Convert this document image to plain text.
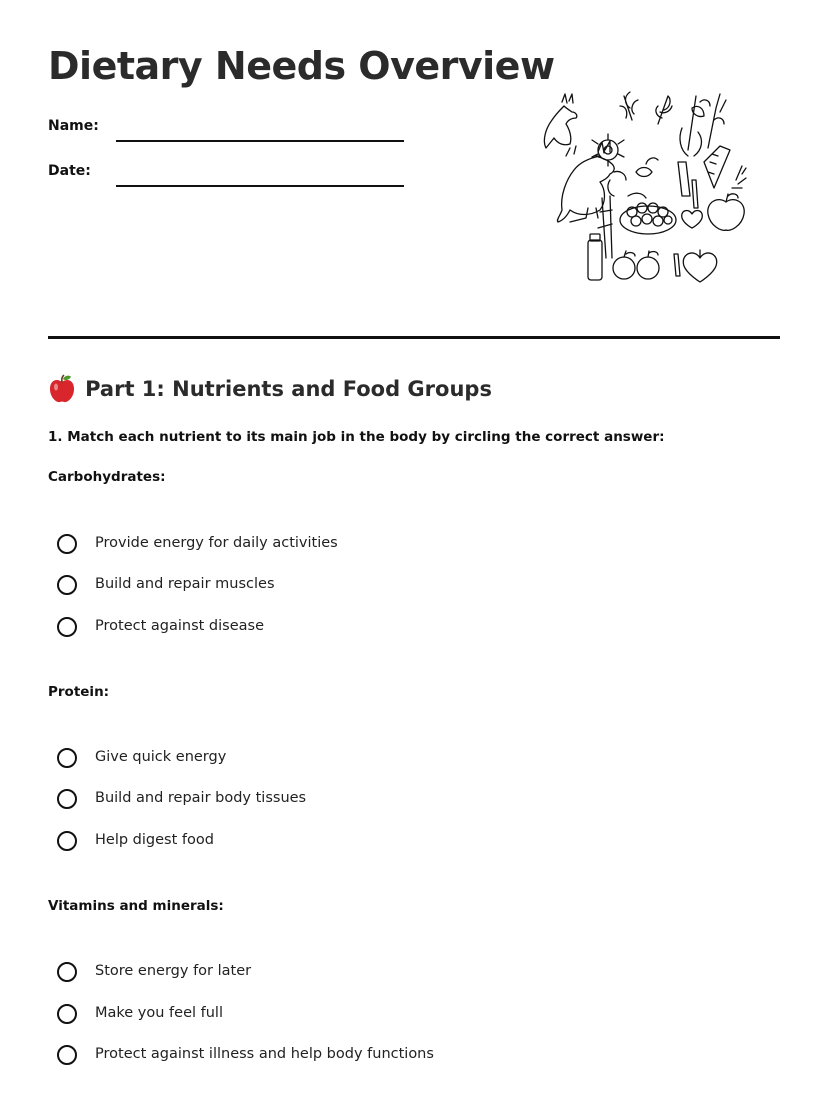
Dietary Needs Overview
Name:
Date:
Part 1: Nutrients and Food Groups
1. Match each nutrient to its main job in the body by circling the correct answer:
Carbohydrates:
Provide energy for daily activities
Build and repair muscles
Protect against disease
Protein:
Give quick energy
Build and repair body tissues
Help digest food
Vitamins and minerals:
Store energy for later
Make you feel full
Protect against illness and help body functions
